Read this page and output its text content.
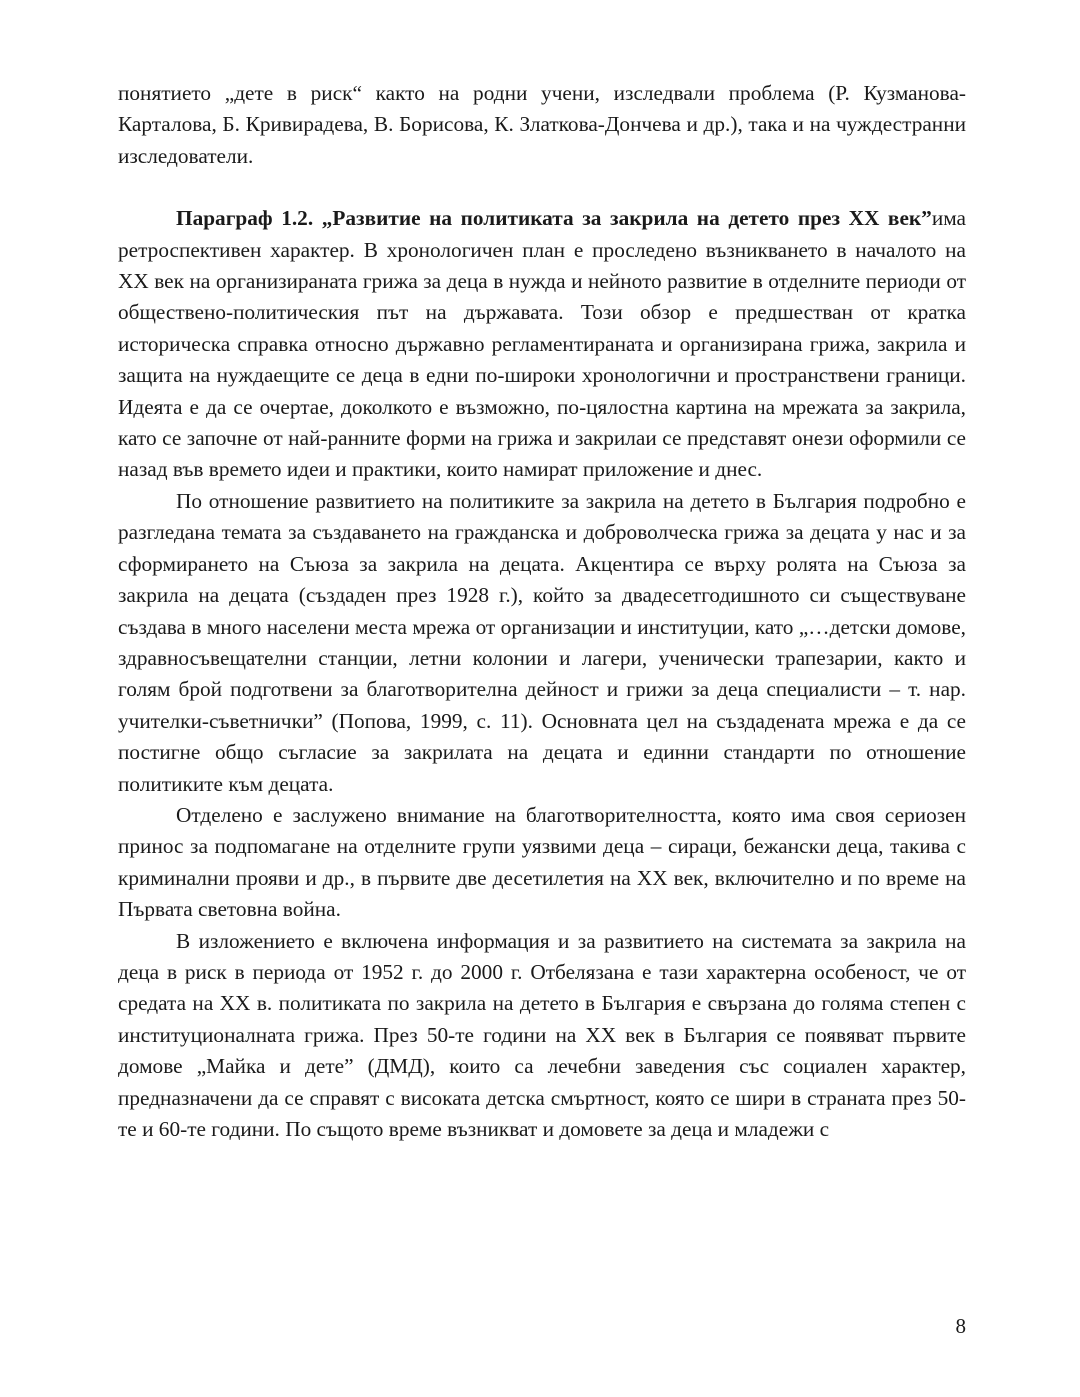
понятието „дете в риск“ както на родни учени, изследвали проблема (Р. Кузманова-Карталова, Б. Кривирадева, В. Борисова, К. Златкова-Дончева и др.), така и на чуждестранни изследователи.

Параграф 1.2. „Развитие на политиката за закрила на детето през ХХ век”има ретроспективен характер. В хронологичен план е проследено възникването в началото на ХХ век на организираната грижа за деца в нужда и нейното развитие в отделните периоди от обществено-политическия път на държавата. Този обзор е предшестван от кратка историческа справка относно държавно регламентираната и организирана грижа, закрила и защита на нуждаещите се деца в едни по-широки хронологични и пространствени граници. Идеята е да се очертае, доколкото е възможно, по-цялостна картина на мрежата за закрила, като се започне от най-ранните форми на грижа и закрилаи се представят онези оформили се назад във времето идеи и практики, които намират приложение и днес.

По отношение развитието на политиките за закрила на детето в България подробно е разгледана темата за създаването на гражданска и доброволческа грижа за децата у нас и за сформирането на Съюза за закрила на децата. Акцентира се върху ролята на Съюза за закрила на децата (създаден през 1928 г.), който за двадесетгодишното си съществуване създава в много населени места мрежа от организации и институции, като „…детски домове, здравносъвещателни станции, летни колонии и лагери, ученически трапезарии, както и голям брой подготвени за благотворителна дейност и грижи за деца специалисти – т. нар. учителки-съветнички” (Попова, 1999, с. 11). Основната цел на създадената мрежа е да се постигне общо съгласие за закрилата на децата и единни стандарти по отношение политиките към децата.

Отделено е заслужено внимание на благотворителността, която има своя сериозен принос за подпомагане на отделните групи уязвими деца – сираци, бежански деца, такива с криминални прояви и др., в първите две десетилетия на ХХ век, включително и по време на Първата световна война.

В изложението е включена информация и за развитието на системата за закрила на деца в риск в периода от 1952 г. до 2000 г. Отбелязана е тази характерна особеност, че от средата на ХХ в. политиката по закрила на детето в България е свързана до голяма степен с институционалната грижа. През 50-те години на ХХ век в България се появяват първите домове „Майка и дете” (ДМД), които са лечебни заведения със социален характер, предназначени да се справят с високата детска смъртност, която се шири в страната през 50-те и 60-те години. По същото време възникват и домовете за деца и младежи с

8
